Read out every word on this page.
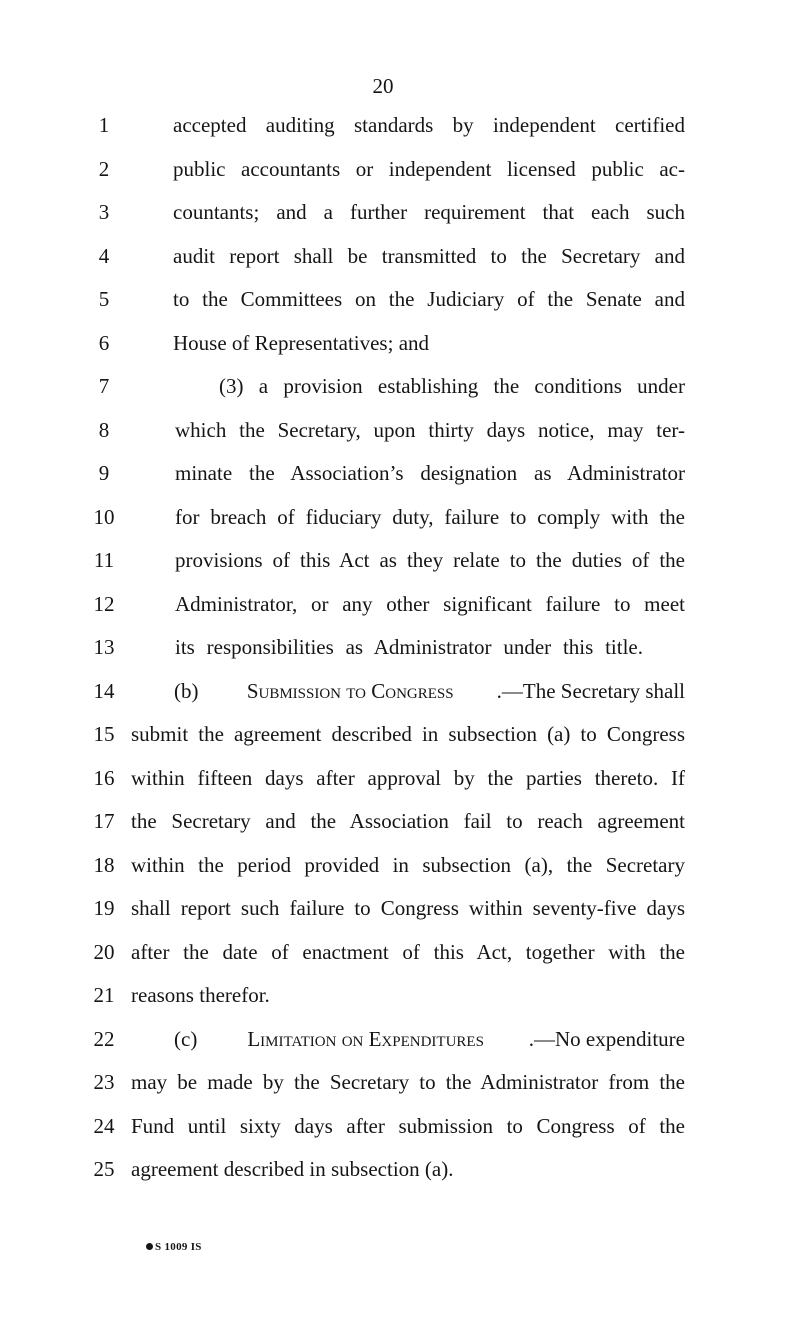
20
1	accepted auditing standards by independent certified
2	public accountants or independent licensed public ac-
3	countants; and a further requirement that each such
4	audit report shall be transmitted to the Secretary and
5	to the Committees on the Judiciary of the Senate and
6	House of Representatives; and
7	(3) a provision establishing the conditions under
8	which the Secretary, upon thirty days notice, may ter-
9	minate the Association’s designation as Administrator
10	for breach of fiduciary duty, failure to comply with the
11	provisions of this Act as they relate to the duties of the
12	Administrator, or any other significant failure to meet
13	its responsibilities as Administrator under this title.
14	(b) Submission to Congress .—The Secretary shall
15 submit the agreement described in subsection (a) to Congress
16 within fifteen days after approval by the parties thereto. If
17 the Secretary and the Association fail to reach agreement
18 within the period provided in subsection (a), the Secretary
19 shall report such failure to Congress within seventy-five days
20 after the date of enactment of this Act, together with the
21 reasons therefor.
22	(c) Limitation on Expenditures .—No expenditure
23 may be made by the Secretary to the Administrator from the
24 Fund until sixty days after submission to Congress of the
25 agreement described in subsection (a).
S 1009 IS
